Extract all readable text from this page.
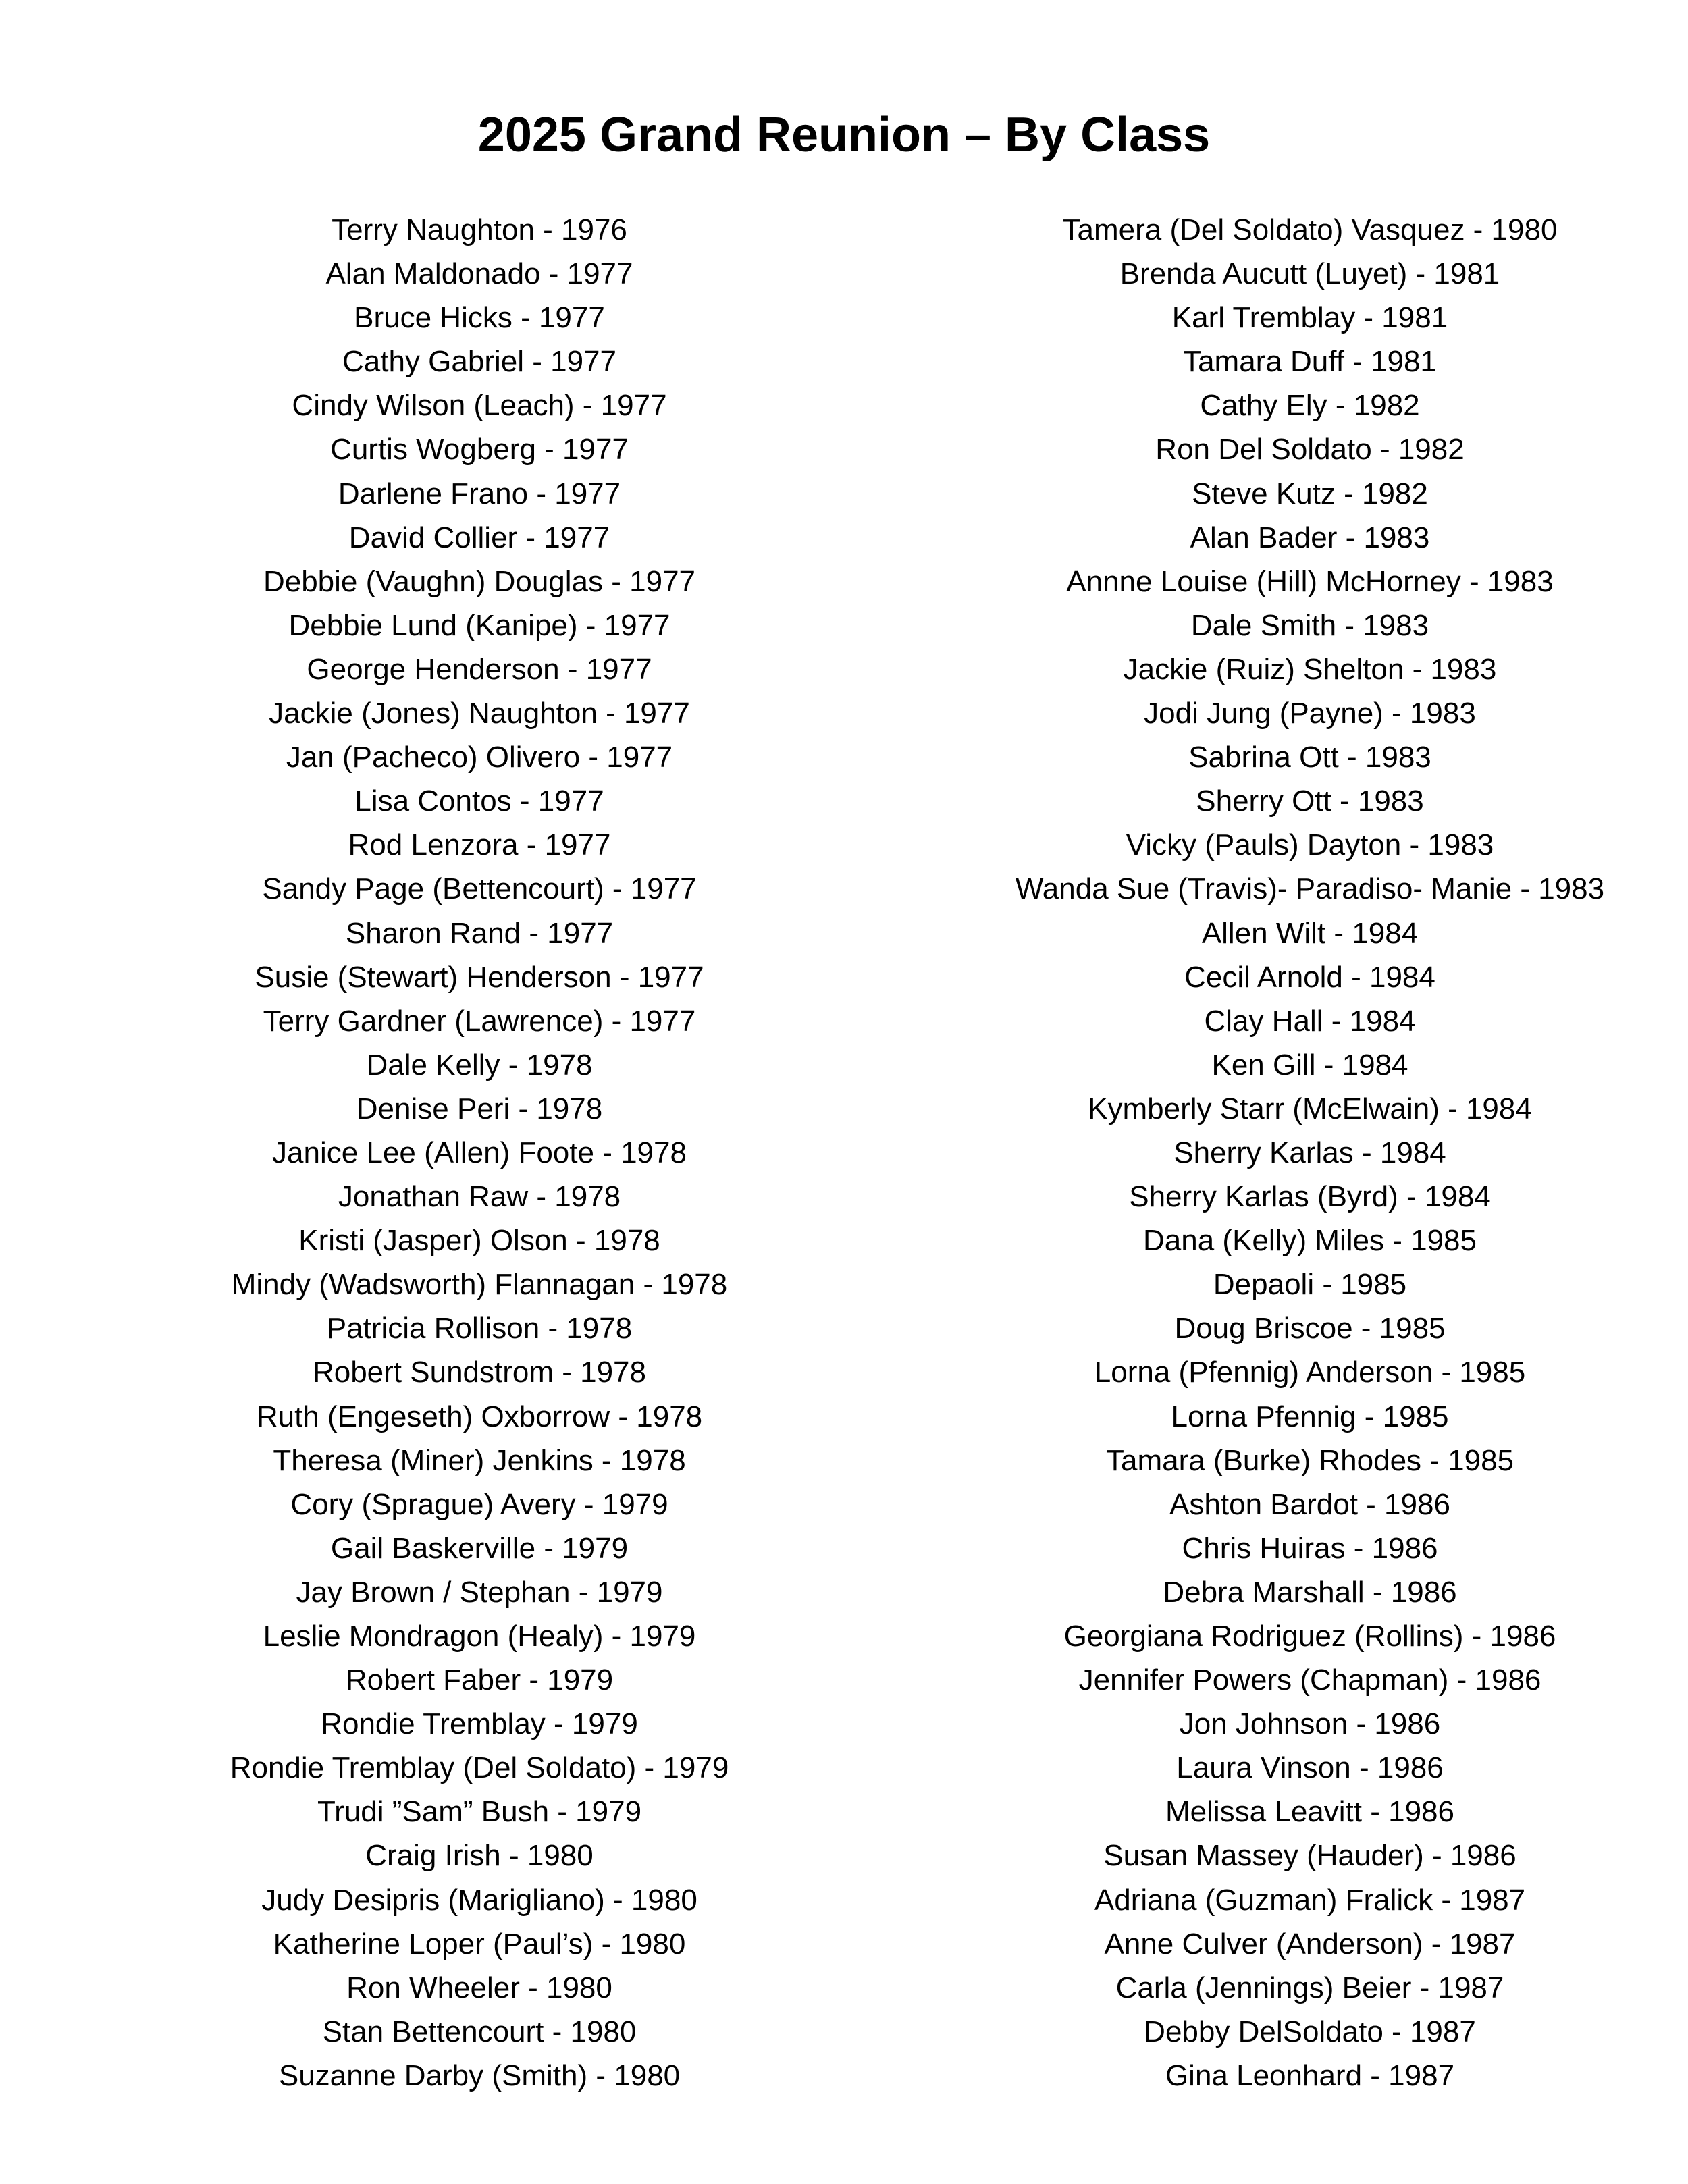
2025 Grand Reunion – By Class
Terry Naughton - 1976
Alan Maldonado - 1977
Bruce Hicks - 1977
Cathy Gabriel - 1977
Cindy Wilson (Leach) - 1977
Curtis Wogberg - 1977
Darlene Frano - 1977
David Collier - 1977
Debbie (Vaughn) Douglas - 1977
Debbie Lund (Kanipe) - 1977
George Henderson - 1977
Jackie (Jones) Naughton - 1977
Jan (Pacheco) Olivero - 1977
Lisa Contos - 1977
Rod Lenzora - 1977
Sandy Page (Bettencourt) - 1977
Sharon Rand - 1977
Susie (Stewart) Henderson - 1977
Terry Gardner (Lawrence) - 1977
Dale Kelly - 1978
Denise Peri - 1978
Janice Lee (Allen) Foote - 1978
Jonathan Raw - 1978
Kristi (Jasper) Olson - 1978
Mindy (Wadsworth) Flannagan - 1978
Patricia Rollison - 1978
Robert Sundstrom - 1978
Ruth (Engeseth) Oxborrow - 1978
Theresa (Miner) Jenkins - 1978
Cory (Sprague) Avery - 1979
Gail Baskerville - 1979
Jay Brown / Stephan - 1979
Leslie Mondragon (Healy) - 1979
Robert Faber - 1979
Rondie Tremblay - 1979
Rondie Tremblay (Del Soldato) - 1979
Trudi ”Sam” Bush - 1979
Craig Irish - 1980
Judy Desipris (Marigliano) - 1980
Katherine Loper (Paul’s) - 1980
Ron Wheeler - 1980
Stan Bettencourt - 1980
Suzanne Darby (Smith) - 1980
Tamera (Del Soldato) Vasquez - 1980
Brenda Aucutt (Luyet) - 1981
Karl Tremblay - 1981
Tamara Duff - 1981
Cathy Ely - 1982
Ron Del Soldato - 1982
Steve Kutz - 1982
Alan Bader - 1983
Annne Louise (Hill) McHorney - 1983
Dale Smith - 1983
Jackie (Ruiz) Shelton - 1983
Jodi Jung (Payne) - 1983
Sabrina Ott - 1983
Sherry Ott - 1983
Vicky (Pauls) Dayton - 1983
Wanda Sue (Travis)- Paradiso- Manie - 1983
Allen Wilt - 1984
Cecil Arnold - 1984
Clay Hall - 1984
Ken Gill - 1984
Kymberly Starr (McElwain) - 1984
Sherry Karlas - 1984
Sherry Karlas (Byrd) - 1984
Dana (Kelly) Miles - 1985
Depaoli - 1985
Doug Briscoe - 1985
Lorna (Pfennig) Anderson - 1985
Lorna Pfennig - 1985
Tamara (Burke) Rhodes - 1985
Ashton Bardot - 1986
Chris Huiras - 1986
Debra Marshall - 1986
Georgiana Rodriguez (Rollins) - 1986
Jennifer Powers (Chapman) - 1986
Jon Johnson - 1986
Laura Vinson - 1986
Melissa Leavitt - 1986
Susan Massey (Hauder) - 1986
Adriana (Guzman) Fralick - 1987
Anne Culver (Anderson) - 1987
Carla (Jennings) Beier - 1987
Debby DelSoldato - 1987
Gina Leonhard - 1987
